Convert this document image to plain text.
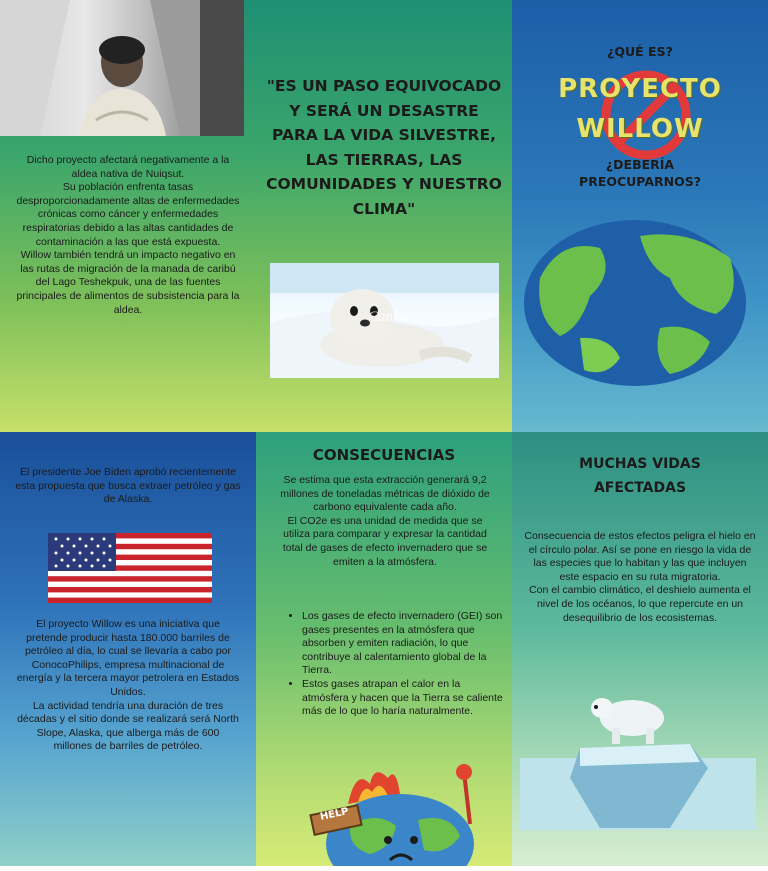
Dicho proyecto afectará negativamente a la aldea nativa de Nuiqsut.
Su población enfrenta tasas desproporcionadamente altas de enfermedades crónicas como cáncer y enfermedades respiratorias debido a las altas cantidades de contaminación a las que está expuesta.
Willow también tendrá un impacto negativo en las rutas de migración de la manada de caribú del Lago Teshekpuk, una de las fuentes principales de alimentos de subsistencia para la aldea.
"ES UN PASO EQUIVOCADO Y SERÁ UN DESASTRE PARA LA VIDA SILVESTRE, LAS TIERRAS, LAS COMUNIDADES Y NUESTRO CLIMA"
Canva
¿QUÉ ES?
PROYECTO
WILLOW
¿DEBERÍA PREOCUPARNOS?
El presidente Joe Biden aprobó recientemente esta propuesta que busca extraer petróleo y gas de Alaska.
El proyecto Willow es una iniciativa que pretende producir hasta 180.000 barriles de petróleo al día, lo cual se llevaría a cabo por ConocoPhilips, empresa multinacional de energía y la tercera mayor petrolera en Estados Unidos.
La actividad tendría una duración de tres décadas y el sitio donde se realizará será North Slope, Alaska, que alberga más de 600 millones de barriles de petróleo.
CONSECUENCIAS
Se estima que esta extracción generará 9,2 millones de toneladas métricas de dióxido de carbono equivalente cada año.
El CO2e es una unidad de medida que se utiliza para comparar y expresar la cantidad total de gases de efecto invernadero que se emiten a la atmósfera.
• Los gases de efecto invernadero (GEI) son gases presentes en la atmósfera que absorben y emiten radiación, lo que contribuye al calentamiento global de la Tierra.
• Estos gases atrapan el calor en la atmósfera y hacen que la Tierra se caliente más de lo que lo haría naturalmente.
HELP
MUCHAS VIDAS AFECTADAS
Consecuencia de estos efectos peligra el hielo en el círculo polar. Así se pone en riesgo la vida de las especies que lo habitan y las que incluyen este espacio en su ruta migratoria.
Con el cambio climático, el deshielo aumenta el nivel de los océanos, lo que repercute en un desequilibrio de los ecosistemas.
